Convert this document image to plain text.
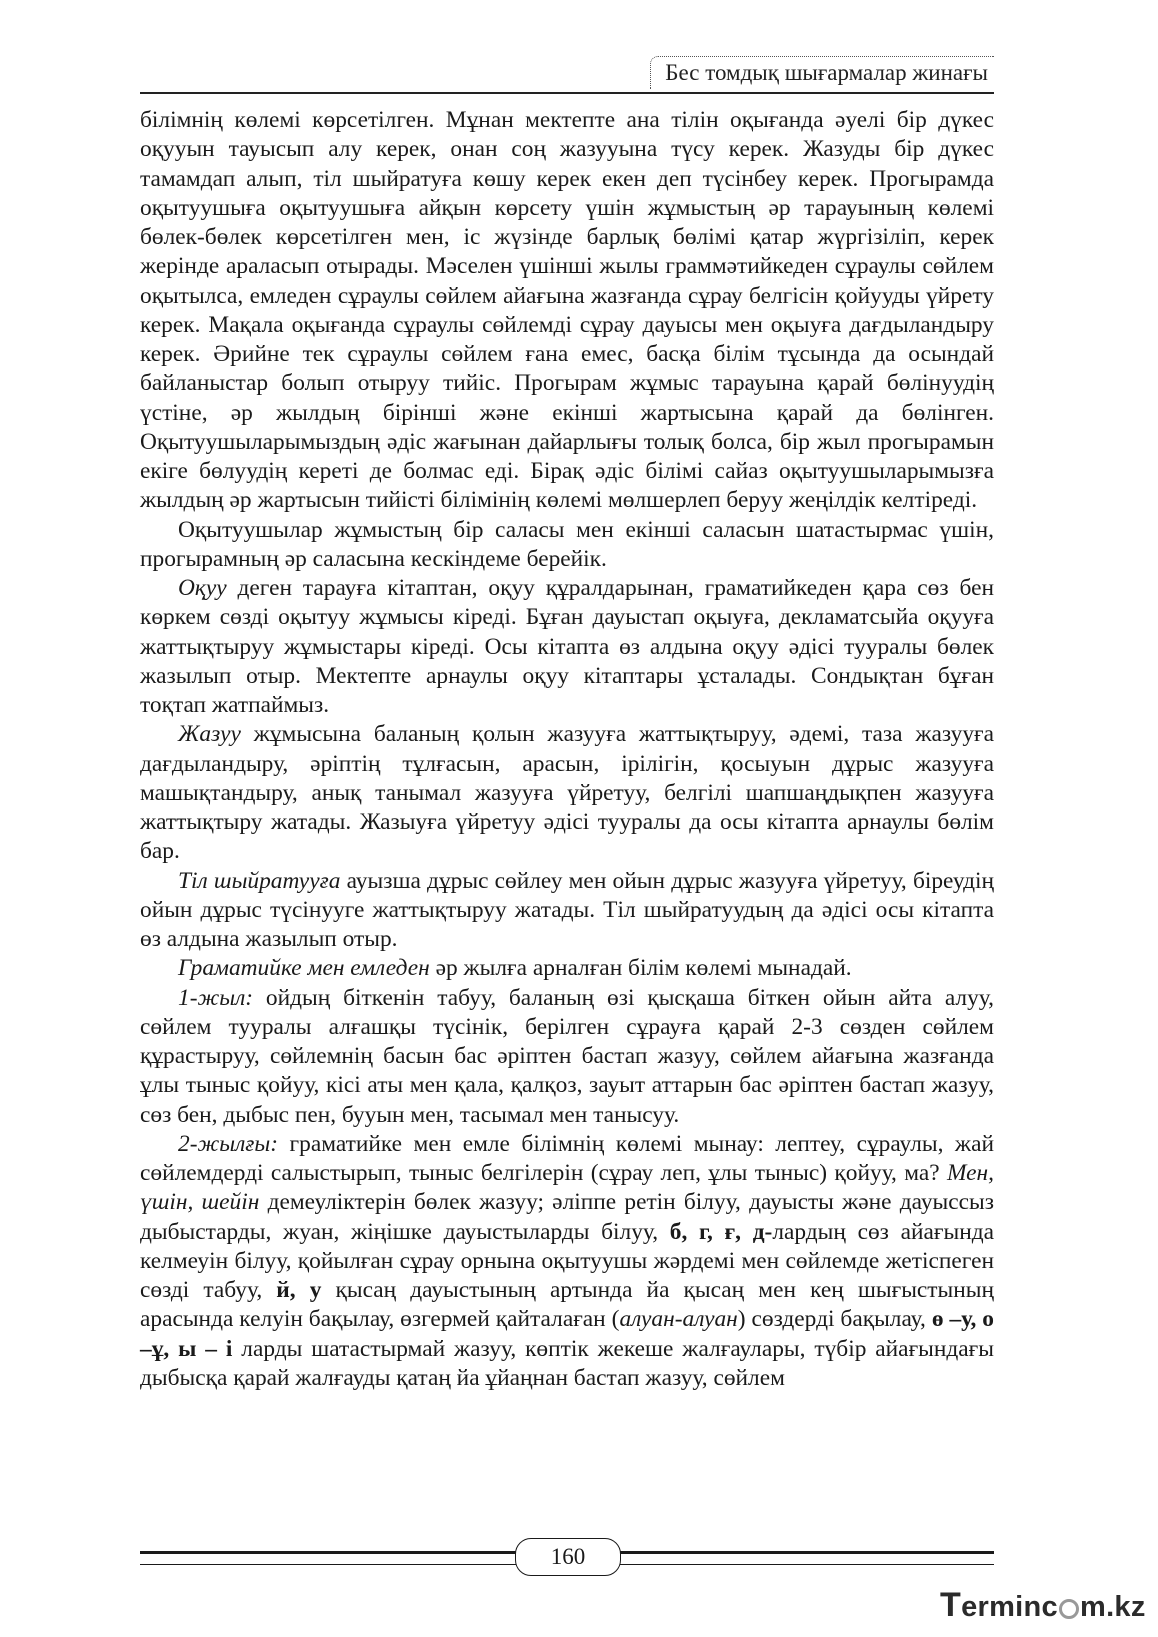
Бес томдық шығармалар жинағы

білімнің көлемі көрсетілген. Мұнан мектепте ана тілін оқығанда әуелі бір дүкес оқууын тауысып алу керек, онан соң жазууына түсу керек. Жазуды бір дүкес тамамдап алып, тіл шыйратуға көшу керек екен деп түсінбеу керек. Прогырамда оқытуушыға оқытуушыға айқын көрсету үшін жұмыстың әр тарауының көлемі бөлек-бөлек көрсетілген мен, іс жүзінде барлық бөлімі қатар жүргізіліп, керек жерінде араласып отырады. Мәселен үшінші жылы граммәтийкеден сұраулы сөйлем оқытылса, емледен сұраулы сөйлем айағына жазғанда сұрау белгісін қойууды үйрету керек. Мақала оқығанда сұраулы сөйлемді сұрау дауысы мен оқыуға дағдыландыру керек. Әрийне тек сұраулы сөйлем ғана емес, басқа білім тұсында да осындай байланыстар болып отыруу тийіс. Прогырам жұмыс тарауына қарай бөлінуудің үстіне, әр жылдың бірінші және екінші жартысына қарай да бөлінген. Оқытуушыларымыздың әдіс жағынан дайарлығы толық болса, бір жыл прогырамын екіге бөлуудің кереті де болмас еді. Бірақ әдіс білімі сайаз оқытуушыларымызға жылдың әр жартысын тийісті білімінің көлемі мөлшерлеп беруу жеңілдік келтіреді.

Оқытуушылар жұмыстың бір саласы мен екінші саласын шатастырмас үшін, прогырамның әр саласына кескіндеме берейік.

Оқуу деген тарауға кітаптан, оқуу құралдарынан, граматийкеден қара сөз бен көркем сөзді оқытуу жұмысы кіреді. Бұған дауыстап оқыуға, декламатсыйа оқууға жаттықтыруу жұмыстары кіреді. Осы кітапта өз алдына оқуу әдісі тууралы бөлек жазылып отыр. Мектепте арнаулы оқуу кітаптары ұсталады. Сондықтан бұған тоқтап жатпаймыз.

Жазуу жұмысына баланың қолын жазууға жаттықтыруу, әдемі, таза жазууға дағдыландыру, әріптің тұлғасын, арасын, ірілігін, қосыуын дұрыс жазууға машықтандыру, анық танымал жазууға үйретуу, белгілі шапшаңдықпен жазууға жаттықтыру жатады. Жазыуға үйретуу әдісі тууралы да осы кітапта арнаулы бөлім бар.

Тіл шыйратууға ауызша дұрыс сөйлеу мен ойын дұрыс жазууға үйретуу, біреудің ойын дұрыс түсінууге жаттықтыруу жатады. Тіл шыйратуудың да әдісі осы кітапта өз алдына жазылып отыр.

Граматийке мен емледен әр жылға арналған білім көлемі мынадай.

1-жыл: ойдың біткенін табуу, баланың өзі қысқаша біткен ойын айта алуу, сөйлем тууралы алғашқы түсінік, берілген сұрауға қарай 2-3 сөзден сөйлем құрастыруу, сөйлемнің басын бас әріптен бастап жазуу, сөйлем айағына жазғанда ұлы тыныс қойуу, кісі аты мен қала, қалқоз, зауыт аттарын бас әріптен бастап жазуу, сөз бен, дыбыс пен, бууын мен, тасымал мен танысуу.

2-жылғы: граматийке мен емле білімнің көлемі мынау: лептеу, сұраулы, жай сөйлемдерді салыстырып, тыныс белгілерін (сұрау леп, ұлы тыныс) қойуу, ма? Мен, үшін, шейін демеуліктерін бөлек жазуу; әліппе ретін білуу, дауысты және дауыссыз дыбыстарды, жуан, жіңішке дауыстыларды білуу, б, г, ғ, д-лардың сөз айағында келмеуін білуу, қойылған сұрау орнына оқытуушы жәрдемі мен сөйлемде жетіспеген сөзді табуу, й, у қысаң дауыстының артында йа қысаң мен кең шығыстының арасында келуін бақылау, өзгермей қайталаған (алуан-алуан) сөздерді бақылау, ө –у, о –ұ, ы – і ларды шатастырмай жазуу, көптік жекеше жалғаулары, түбір айағындағы дыбысқа қарай жалғауды қатаң йа ұйаңнан бастап жазуу, сөйлем

160
Terminc m.kz
